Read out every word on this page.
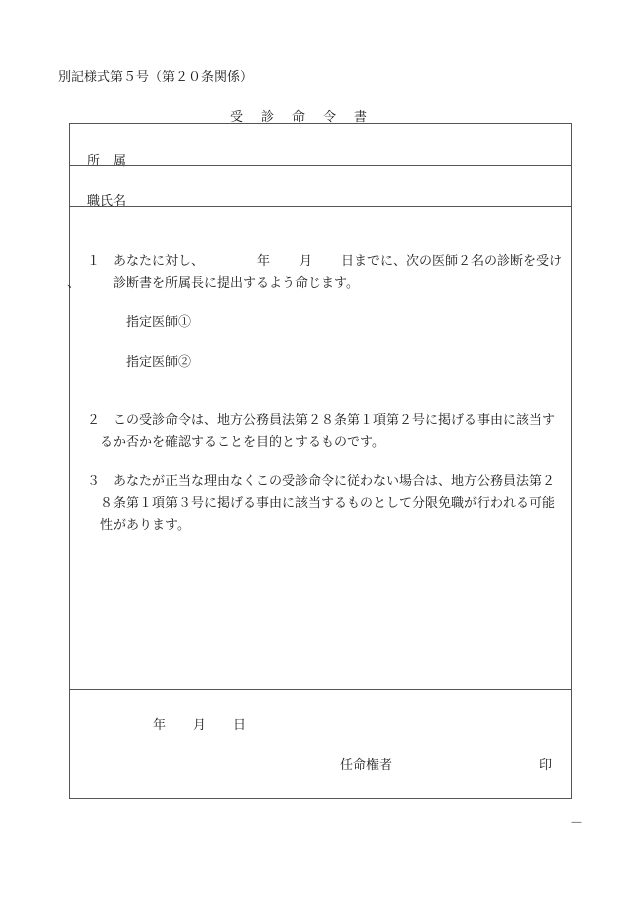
別記様式第５号（第２０条関係）
受 診 命 令 書
所　属
職氏名
１ あなたに対し、	年 月 日までに、次の医師２名の診断を受け
、	診断書を所属長に提出するよう命じます。
指定医師①
指定医師②
２ この受診命令は、地方公務員法第２８条第１項第２号に掲げる事由に該当す
るか否かを確認することを目的とするものです。
３ あなたが正当な理由なくこの受診命令に従わない場合は、地方公務員法第２
８条第１項第３号に掲げる事由に該当するものとして分限免職が行われる可能
性があります。
年 月 日
任命権者	印
－
